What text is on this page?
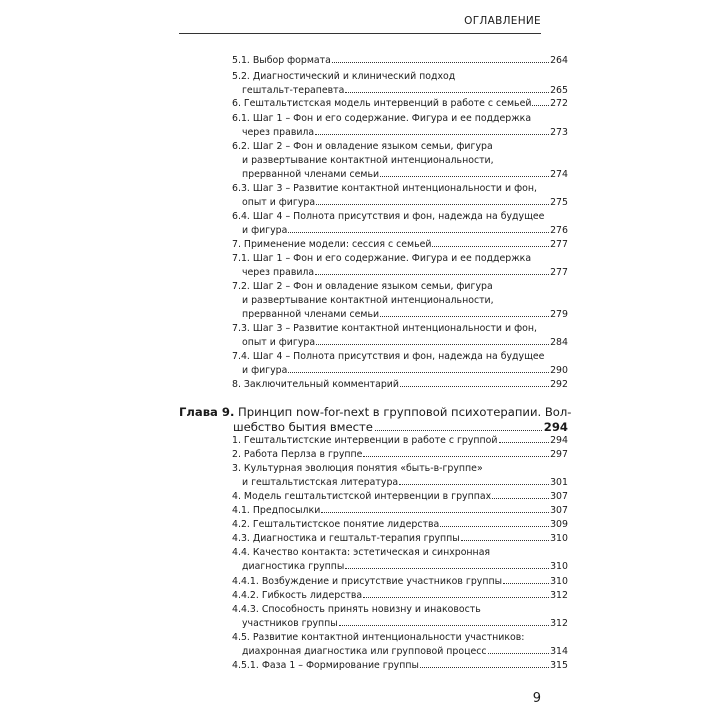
ОГЛАВЛЕНИЕ
5.1. Выбор формата	264
5.2. Диагностический и клинический подход
гештальт-терапевта	265
6. Гештальтистская модель интервенций в работе с семьей 272
6.1. Шаг 1 – Фон и его содержание. Фигура и ее поддержка
через правила	273
6.2. Шаг 2 – Фон и овладение языком семьи, фигура
и развертывание контактной интенциональности,
прерванной членами семьи	274
6.3. Шаг 3 – Развитие контактной интенциональности и фон,
опыт и фигура	275
6.4. Шаг 4 – Полнота присутствия и фон, надежда на будущее
и фигура	276
7. Применение модели: сессия с семьей	277
7.1. Шаг 1 – Фон и его содержание. Фигура и ее поддержка
через правила	277
7.2. Шаг 2 – Фон и овладение языком семьи, фигура
и развертывание контактной интенциональности,
прерванной членами семьи	279
7.3. Шаг 3 – Развитие контактной интенциональности и фон,
опыт и фигура	284
7.4. Шаг 4 – Полнота присутствия и фон, надежда на будущее
и фигура	290
8. Заключительный комментарий	292
Глава 9. Принцип now-for-next в групповой психотерапии. Вол-
шебство бытия вместе	294
1. Гештальтистские интервенции в работе с группой	294
2. Работа Перлза в группе	297
3. Культурная эволюция понятия «быть-в-группе»
и гештальтистская литература	301
4. Модель гештальтистской интервенции в группах	307
4.1. Предпосылки	307
4.2. Гештальтистское понятие лидерства	309
4.3. Диагностика и гештальт-терапия группы	310
4.4. Качество контакта: эстетическая и синхронная
диагностика группы	310
4.4.1. Возбуждение и присутствие участников группы	310
4.4.2. Гибкость лидерства	312
4.4.3. Способность принять новизну и инаковость
участников группы	312
4.5. Развитие контактной интенциональности участников:
диахронная диагностика или групповой процесс	314
4.5.1. Фаза 1 – Формирование группы	315
9
